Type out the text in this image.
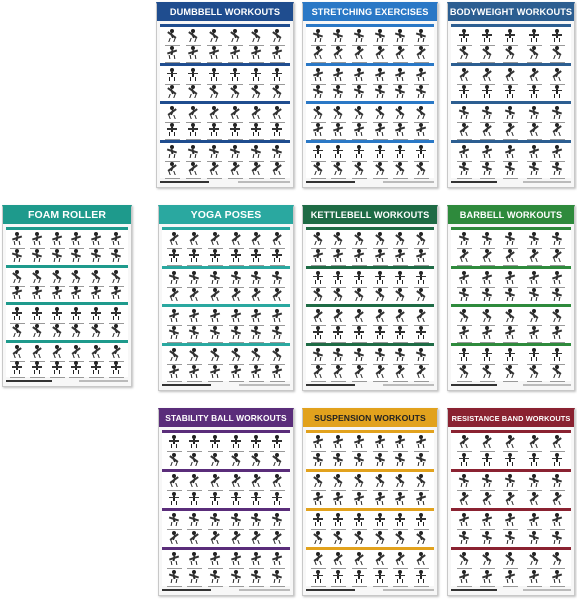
DUMBBELL WORKOUTS	STRETCHING EXERCISES	BODYWEIGHT WORKOUTS
FOAM ROLLER	YOGA POSES	KETTLEBELL WORKOUTS	BARBELL WORKOUTS
STABILITY BALL WORKOUTS	SUSPENSION WORKOUTS	RESISTANCE BAND WORKOUTS
